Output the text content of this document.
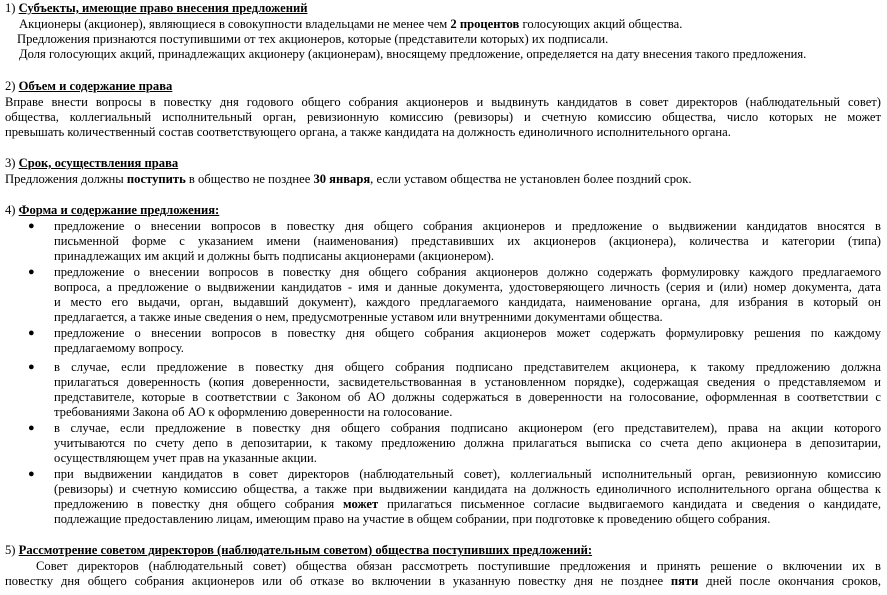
1) Субъекты, имеющие право внесения предложений
Акционеры (акционер), являющиеся в совокупности владельцами не менее чем 2 процентов голосующих акций общества.
Предложения признаются поступившими от тех акционеров, которые (представители которых) их подписали.
Доля голосующих акций, принадлежащих акционеру (акционерам), вносящему предложение, определяется на дату внесения такого предложения.
2) Объем и содержание права
Вправе внести вопросы в повестку дня годового общего собрания акционеров и выдвинуть кандидатов в совет директоров (наблюдательный совет)
общества, коллегиальный исполнительный орган, ревизионную комиссию (ревизоры) и счетную комиссию общества, число которых не может
превышать количественный состав соответствующего органа, а также кандидата на должность единоличного исполнительного органа.
3) Срок, осуществления права
Предложения должны поступить в общество не позднее 30 января, если уставом общества не установлен более поздний срок.
4) Форма и содержание предложения:
● предложение о внесении вопросов в повестку дня общего собрания акционеров и предложение о выдвижении кандидатов вносятся в
письменной форме с указанием имени (наименования) представивших их акционеров (акционера), количества и категории (типа)
принадлежащих им акций и должны быть подписаны акционерами (акционером).
● предложение о внесении вопросов в повестку дня общего собрания акционеров должно содержать формулировку каждого предлагаемого
вопроса, а предложение о выдвижении кандидатов - имя и данные документа, удостоверяющего личность (серия и (или) номер документа, дата
и место его выдачи, орган, выдавший документ), каждого предлагаемого кандидата, наименование органа, для избрания в который он
предлагается, а также иные сведения о нем, предусмотренные уставом или внутренними документами общества.
● предложение о внесении вопросов в повестку дня общего собрания акционеров может содержать формулировку решения по каждому
предлагаемому вопросу.
● в случае, если предложение в повестку дня общего собрания подписано представителем акционера, к такому предложению должна
прилагаться доверенность (копия доверенности, засвидетельствованная в установленном порядке), содержащая сведения о представляемом и
представителе, которые в соответствии с Законом об АО должны содержаться в доверенности на голосование, оформленная в соответствии с
требованиями Закона об АО к оформлению доверенности на голосование.
● в случае, если предложение в повестку дня общего собрания подписано акционером (его представителем), права на акции которого
учитываются по счету депо в депозитарии, к такому предложению должна прилагаться выписка со счета депо акционера в депозитарии,
осуществляющем учет прав на указанные акции.
● при выдвижении кандидатов в совет директоров (наблюдательный совет), коллегиальный исполнительный орган, ревизионную комиссию
(ревизоры) и счетную комиссию общества, а также при выдвижении кандидата на должность единоличного исполнительного органа общества к
предложению в повестку дня общего собрания может прилагаться письменное согласие выдвигаемого кандидата и сведения о кандидате,
подлежащие предоставлению лицам, имеющим право на участие в общем собрании, при подготовке к проведению общего собрания.
5) Рассмотрение советом директоров (наблюдательным советом) общества поступивших предложений:
Совет директоров (наблюдательный совет) общества обязан рассмотреть поступившие предложения и принять решение о включении их в
повестку дня общего собрания акционеров или об отказе во включении в указанную повестку дня не позднее пяти дней после окончания сроков,
